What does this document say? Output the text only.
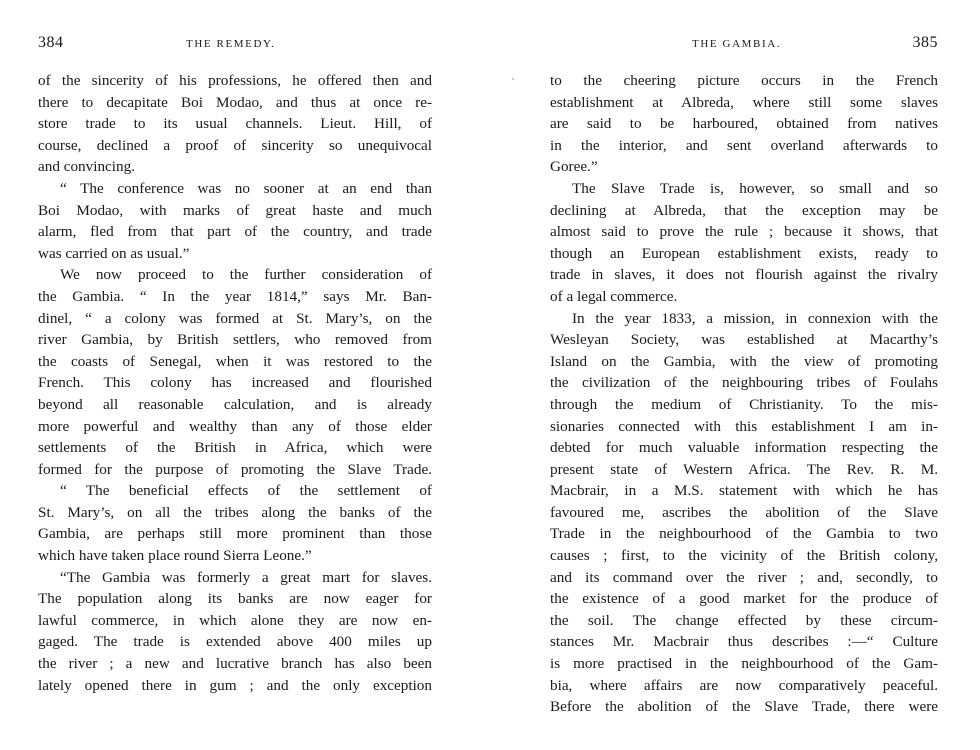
384	THE REMEDY.
of the sincerity of his professions, he offered then and
there to decapitate Boi Modao, and thus at once re-
store trade to its usual channels. Lieut. Hill, of
course, declined a proof of sincerity so unequivocal
and convincing.
“ The conference was no sooner at an end than
Boi Modao, with marks of great haste and much
alarm, fled from that part of the country, and trade
was carried on as usual.”
We now proceed to the further consideration of
the Gambia. “ In the year 1814,” says Mr. Ban-
dinel, “ a colony was formed at St. Mary’s, on the
river Gambia, by British settlers, who removed from
the coasts of Senegal, when it was restored to the
French. This colony has increased and flourished
beyond all reasonable calculation, and is already
more powerful and wealthy than any of those elder
settlements of the British in Africa, which were
formed for the purpose of promoting the Slave Trade.
“ The beneficial effects of the settlement of
St. Mary’s, on all the tribes along the banks of the
Gambia, are perhaps still more prominent than those
which have taken place round Sierra Leone.”
“The Gambia was formerly a great mart for slaves.
The population along its banks are now eager for
lawful commerce, in which alone they are now en-
gaged. The trade is extended above 400 miles up
the river ; a new and lucrative branch has also been
lately opened there in gum ; and the only exception
THE GAMBIA.	385
to the cheering picture occurs in the French
establishment at Albreda, where still some slaves
are said to be harboured, obtained from natives
in the interior, and sent overland afterwards to
Goree.”
The Slave Trade is, however, so small and so
declining at Albreda, that the exception may be
almost said to prove the rule ; because it shows, that
though an European establishment exists, ready to
trade in slaves, it does not flourish against the rivalry
of a legal commerce.
In the year 1833, a mission, in connexion with the
Wesleyan Society, was established at Macarthy’s
Island on the Gambia, with the view of promoting
the civilization of the neighbouring tribes of Foulahs
through the medium of Christianity. To the mis-
sionaries connected with this establishment I am in-
debted for much valuable information respecting the
present state of Western Africa. The Rev. R. M.
Macbrair, in a M.S. statement with which he has
favoured me, ascribes the abolition of the Slave
Trade in the neighbourhood of the Gambia to two
causes ; first, to the vicinity of the British colony,
and its command over the river ; and, secondly, to
the existence of a good market for the produce of
the soil. The change effected by these circum-
stances Mr. Macbrair thus describes :—“ Culture
is more practised in the neighbourhood of the Gam-
bia, where affairs are now comparatively peaceful.
Before the abolition of the Slave Trade, there were
